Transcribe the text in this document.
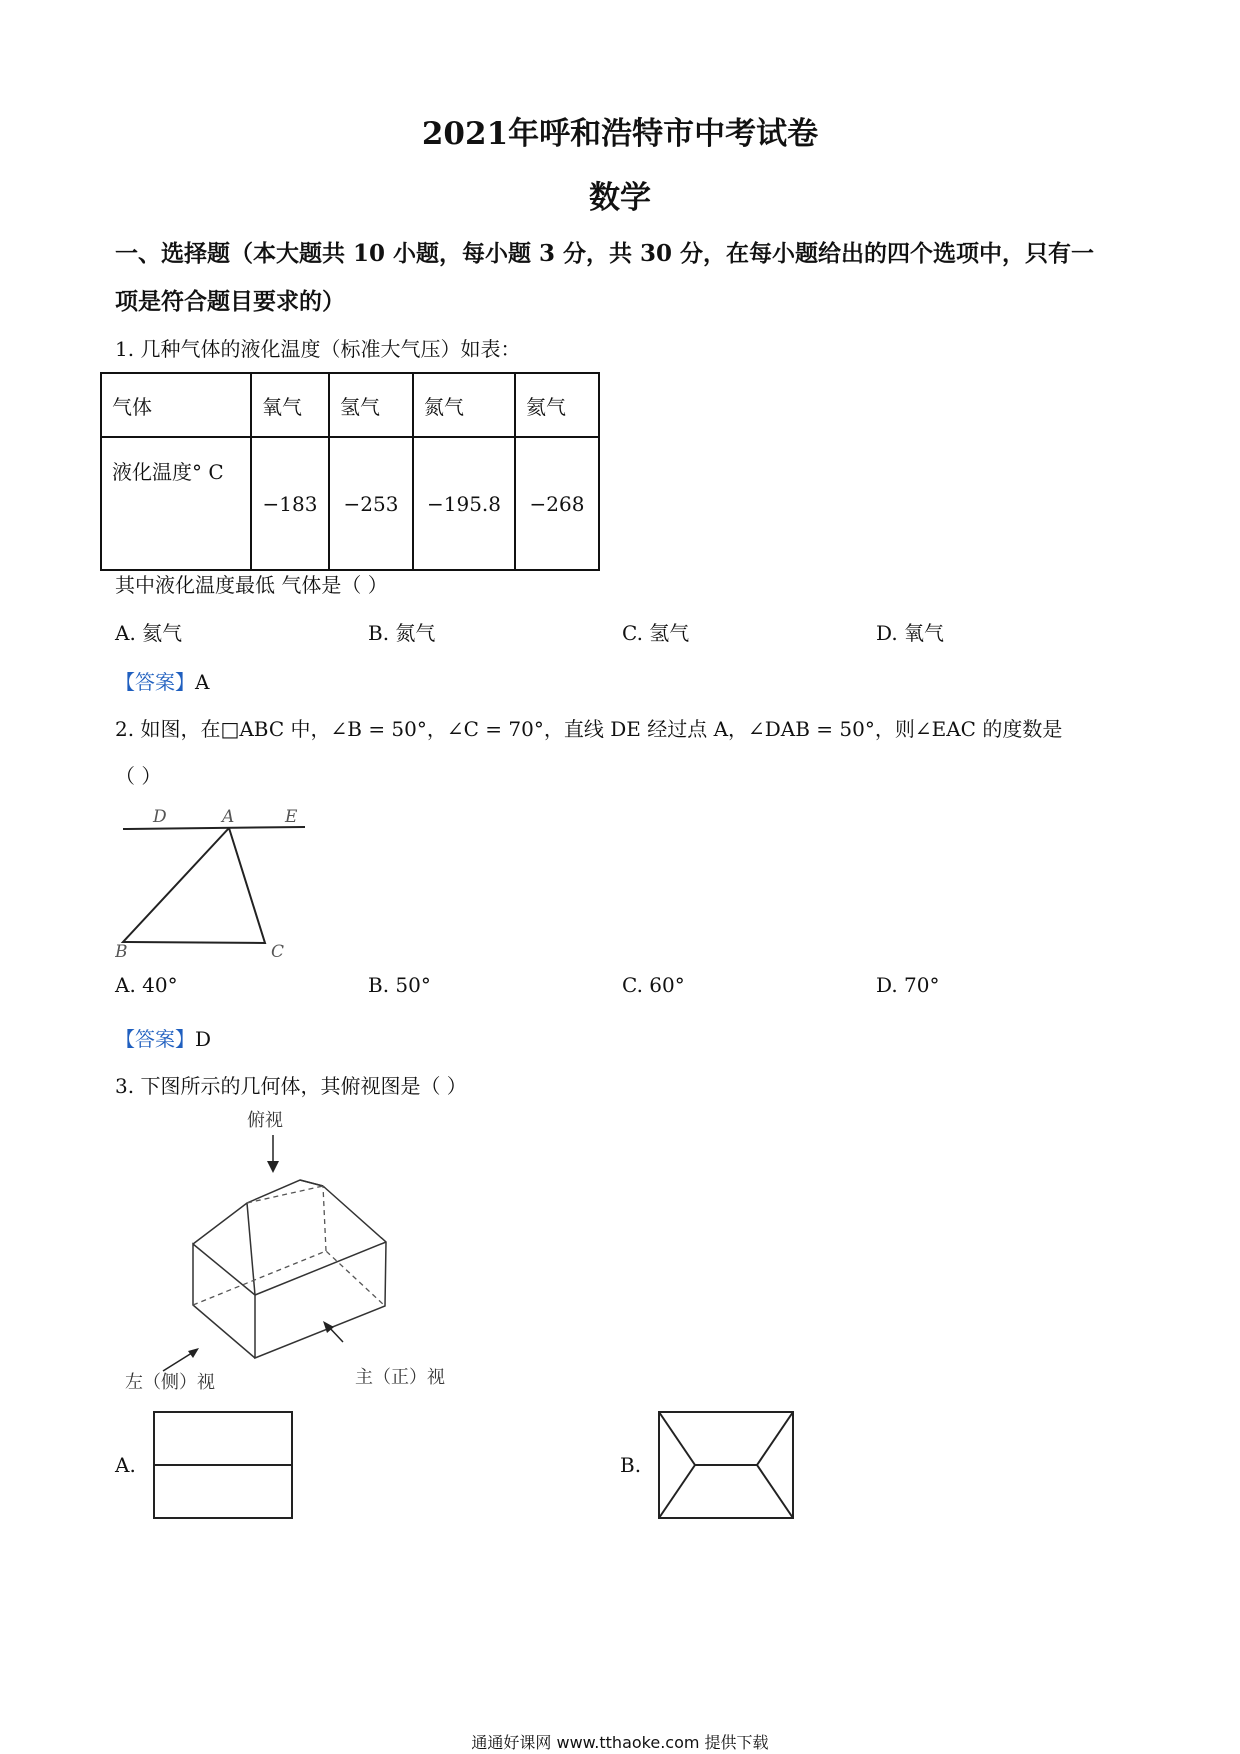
2021年呼和浩特市中考试卷
数学
一、选择题（本大题共 10 小题，每小题 3 分，共 30 分，在每小题给出的四个选项中，只有一
项是符合题目要求的）
1. 几种气体的液化温度（标准大气压）如表：
气体	氧气	氢气	氮气	氦气
液化温度° C	−183	−253	−195.8	−268
其中液化温度最低 气体是（ ）
A. 氦气	B. 氮气	C. 氢气	D. 氧气
【答案】A
2. 如图，在□ABC 中，∠B = 50°，∠C = 70°，直线 DE 经过点 A，∠DAB = 50°，则∠EAC 的度数是
（ ）
D	A	E
B	C
A. 40°	B. 50°	C. 60°	D. 70°
【答案】D
3. 下图所示的几何体，其俯视图是（ ）
俯视
左（侧）视	主（正）视
A.	B.
通通好课网 www.tthaoke.com 提供下载
